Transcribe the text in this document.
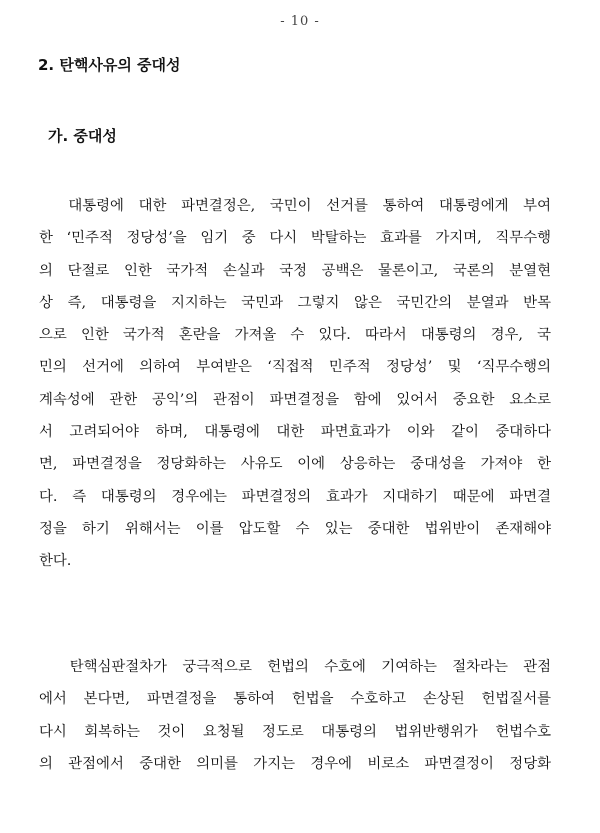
- 10 -
2. 탄핵사유의 중대성
가. 중대성
대통령에 대한 파면결정은, 국민이 선거를 통하여 대통령에게 부여
한 ‘민주적 정당성’을 임기 중 다시 박탈하는 효과를 가지며, 직무수행
의 단절로 인한 국가적 손실과 국정 공백은 물론이고, 국론의 분열현
상 즉, 대통령을 지지하는 국민과 그렇지 않은 국민간의 분열과 반목
으로 인한 국가적 혼란을 가져올 수 있다. 따라서 대통령의 경우, 국
민의 선거에 의하여 부여받은 ‘직접적 민주적 정당성’ 및 ‘직무수행의
계속성에 관한 공익’의 관점이 파면결정을 함에 있어서 중요한 요소로
서 고려되어야 하며, 대통령에 대한 파면효과가 이와 같이 중대하다
면, 파면결정을 정당화하는 사유도 이에 상응하는 중대성을 가져야 한
다. 즉 대통령의 경우에는 파면결정의 효과가 지대하기 때문에 파면결
정을 하기 위해서는 이를 압도할 수 있는 중대한 법위반이 존재해야
한다.
탄핵심판절차가 궁극적으로 헌법의 수호에 기여하는 절차라는 관점
에서 본다면, 파면결정을 통하여 헌법을 수호하고 손상된 헌법질서를
다시 회복하는 것이 요청될 정도로 대통령의 법위반행위가 헌법수호
의 관점에서 중대한 의미를 가지는 경우에 비로소 파면결정이 정당화
